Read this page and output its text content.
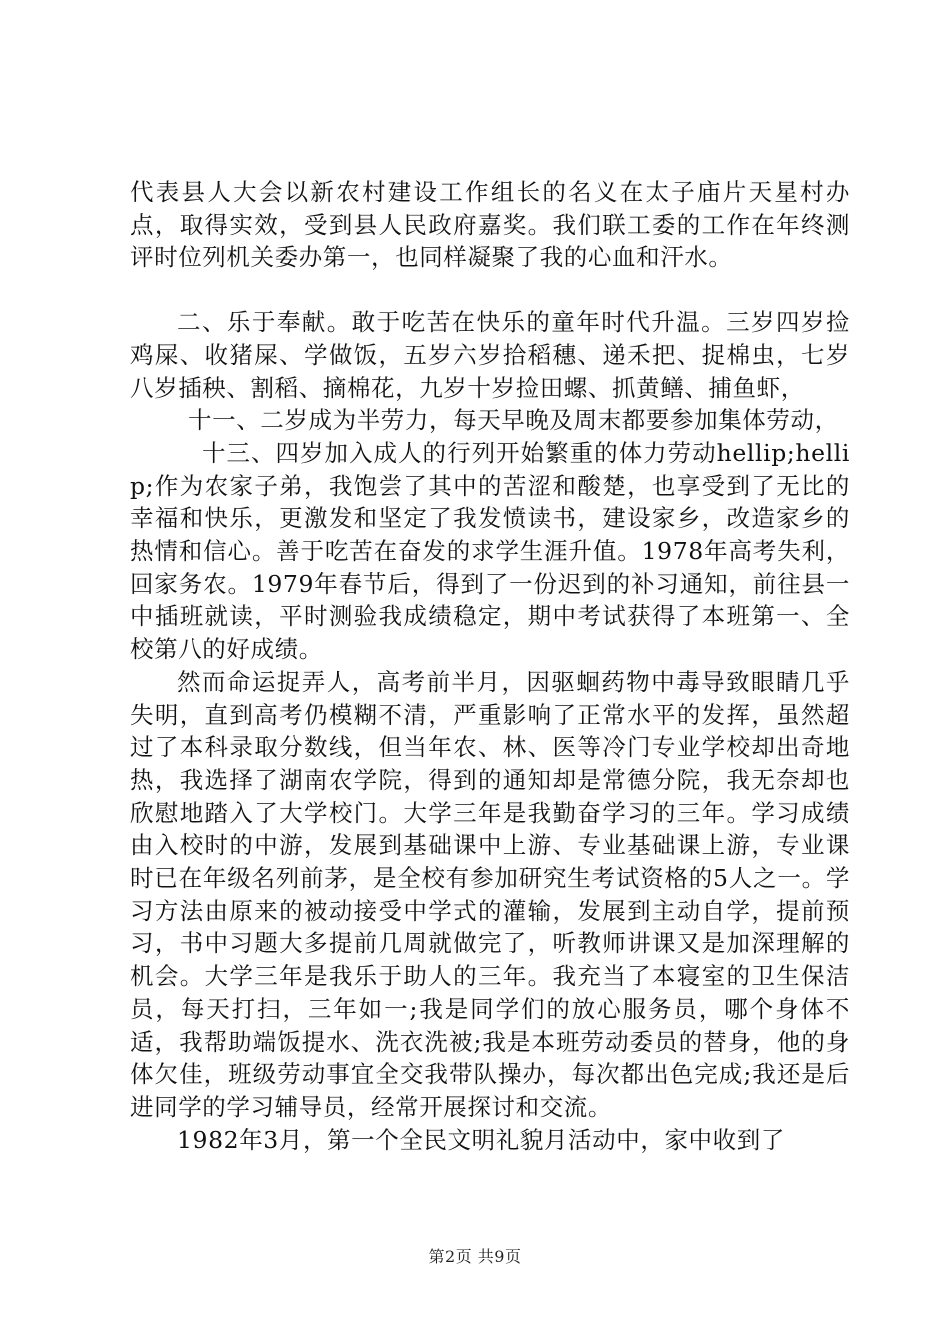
代表县人大会以新农村建设工作组长的名义在太子庙片天星村办点，取得实效，受到县人民政府嘉奖。我们联工委的工作在年终测评时位列机关委办第一，也同样凝聚了我的心血和汗水。

二、乐于奉献。敢于吃苦在快乐的童年时代升温。三岁四岁捡鸡屎、收猪屎、学做饭，五岁六岁拾稻穗、递禾把、捉棉虫，七岁八岁插秧、割稻、摘棉花，九岁十岁捡田螺、抓黄鳝、捕鱼虾，

十一、二岁成为半劳力，每天早晚及周末都要参加集体劳动，

十三、四岁加入成人的行列开始繁重的体力劳动hellip;hellip;作为农家子弟，我饱尝了其中的苦涩和酸楚，也享受到了无比的幸福和快乐，更激发和坚定了我发愤读书，建设家乡，改造家乡的热情和信心。善于吃苦在奋发的求学生涯升值。1978年高考失利，回家务农。1979年春节后，得到了一份迟到的补习通知，前往县一中插班就读，平时测验我成绩稳定，期中考试获得了本班第一、全校第八的好成绩。

然而命运捉弄人，高考前半月，因驱蛔药物中毒导致眼睛几乎失明，直到高考仍模糊不清，严重影响了正常水平的发挥，虽然超过了本科录取分数线，但当年农、林、医等冷门专业学校却出奇地热，我选择了湖南农学院，得到的通知却是常德分院，我无奈却也欣慰地踏入了大学校门。大学三年是我勤奋学习的三年。学习成绩由入校时的中游，发展到基础课中上游、专业基础课上游，专业课时已在年级名列前茅，是全校有参加研究生考试资格的5人之一。学习方法由原来的被动接受中学式的灌输，发展到主动自学，提前预习，书中习题大多提前几周就做完了，听教师讲课又是加深理解的机会。大学三年是我乐于助人的三年。我充当了本寝室的卫生保洁员，每天打扫，三年如一;我是同学们的放心服务员，哪个身体不适，我帮助端饭提水、洗衣洗被;我是本班劳动委员的替身，他的身体欠佳，班级劳动事宜全交我带队操办，每次都出色完成;我还是后进同学的学习辅导员，经常开展探讨和交流。

1982年3月，第一个全民文明礼貌月活动中，家中收到了

第2页 共9页
